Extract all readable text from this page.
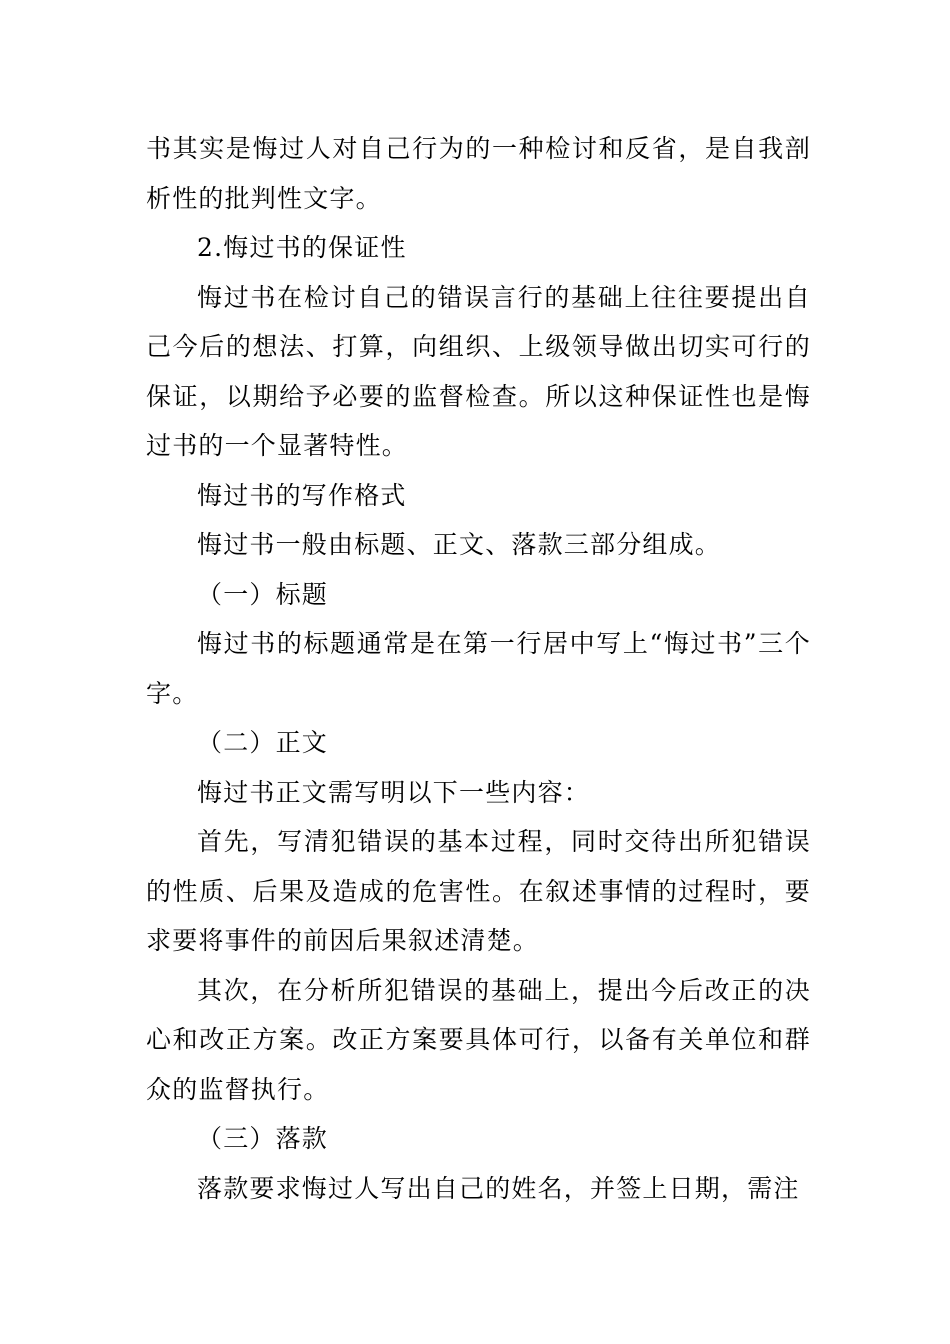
书其实是悔过人对自己行为的一种检讨和反省，是自我剖析性的批判性文字。

2.悔过书的保证性

悔过书在检讨自己的错误言行的基础上往往要提出自己今后的想法、打算，向组织、上级领导做出切实可行的保证，以期给予必要的监督检查。所以这种保证性也是悔过书的一个显著特性。

悔过书的写作格式

悔过书一般由标题、正文、落款三部分组成。

（一）标题

悔过书的标题通常是在第一行居中写上“悔过书”三个字。

（二）正文

悔过书正文需写明以下一些内容：

首先，写清犯错误的基本过程，同时交待出所犯错误的性质、后果及造成的危害性。在叙述事情的过程时，要求要将事件的前因后果叙述清楚。

其次，在分析所犯错误的基础上，提出今后改正的决心和改正方案。改正方案要具体可行，以备有关单位和群众的监督执行。

（三）落款

落款要求悔过人写出自己的姓名，并签上日期，需注
